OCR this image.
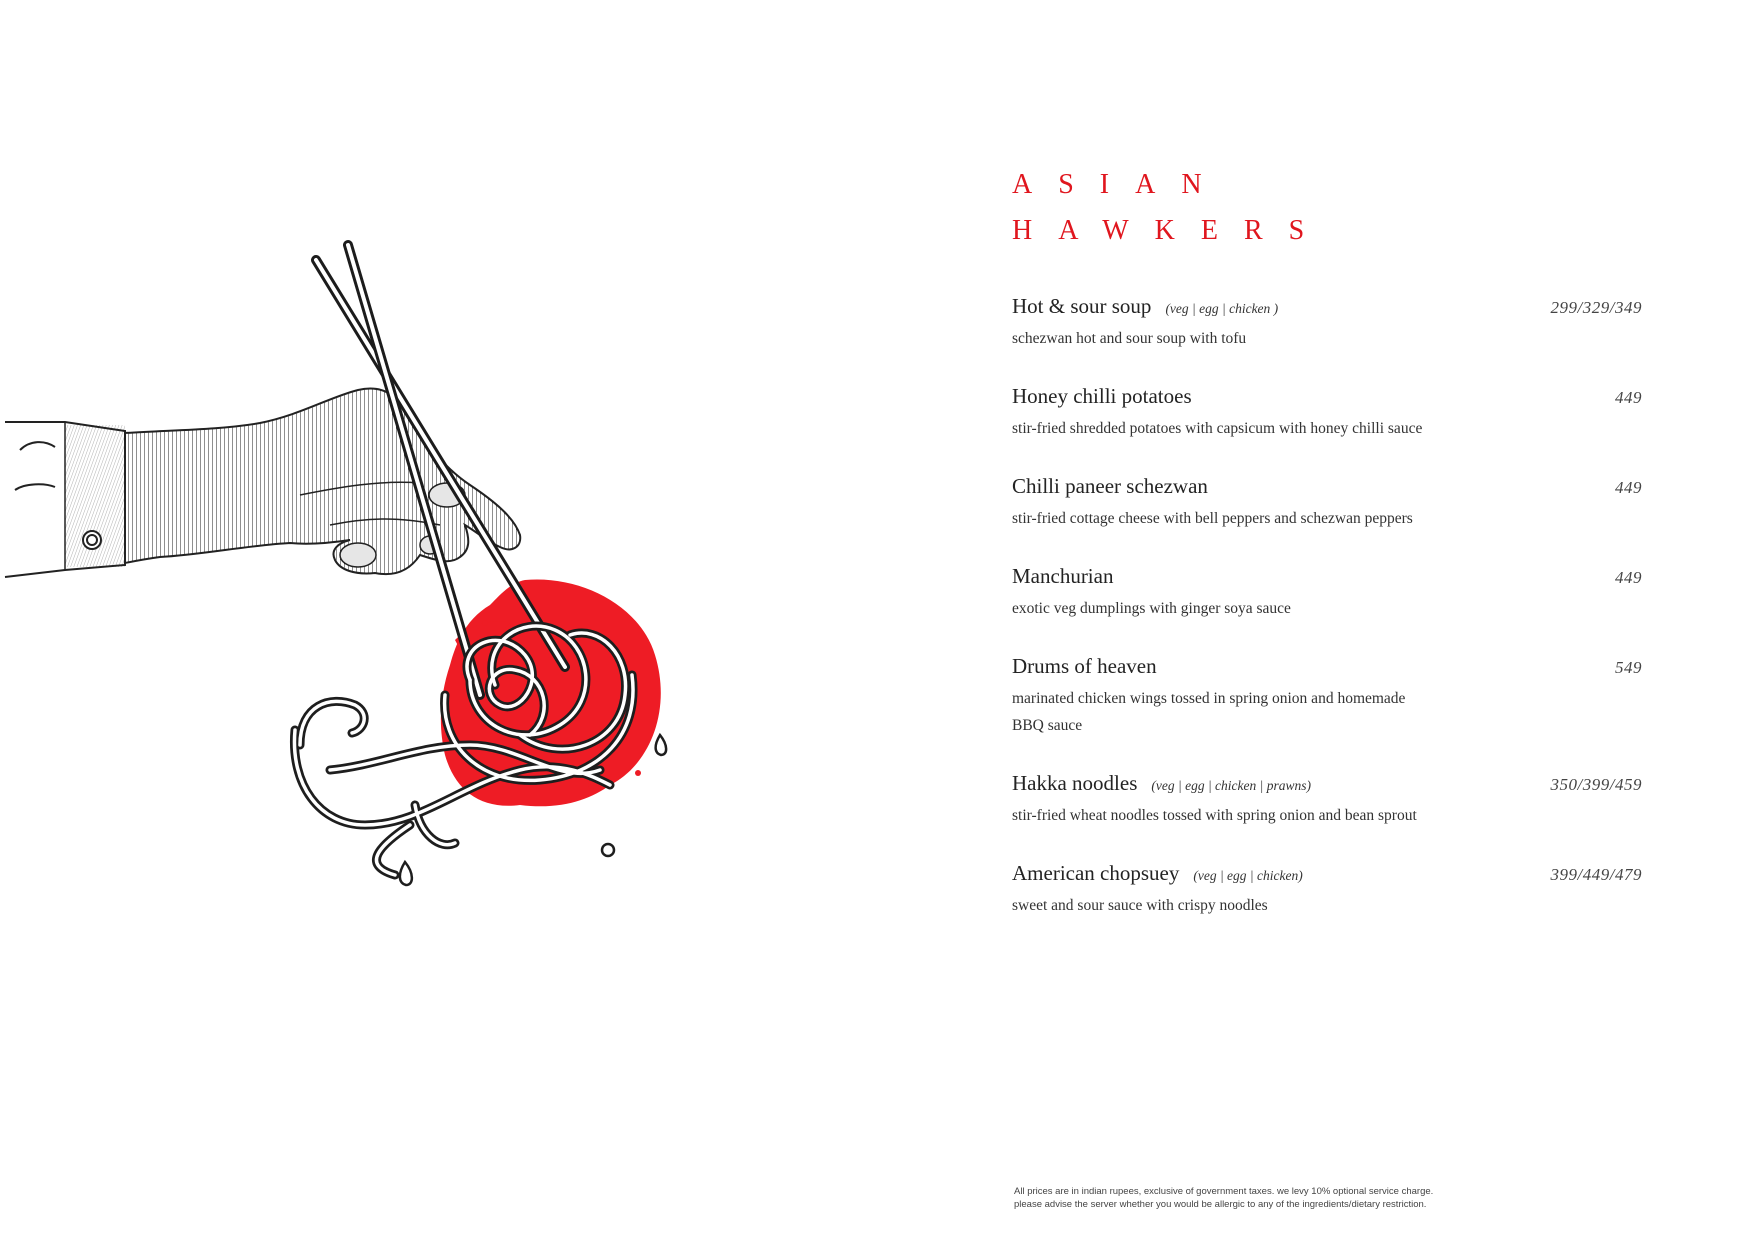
ASIAN
HAWKERS
Hot & sour soup (veg | egg | chicken )	299/329/349
schezwan hot and sour soup with tofu
Honey chilli potatoes	449
stir-fried shredded potatoes with capsicum with honey chilli sauce
Chilli paneer schezwan	449
stir-fried cottage cheese with bell peppers and schezwan peppers
Manchurian	449
exotic veg dumplings with ginger soya sauce
Drums of heaven	549
marinated chicken wings tossed in spring onion and homemade BBQ sauce
Hakka noodles (veg | egg | chicken | prawns)	350/399/459
stir-fried wheat noodles tossed with spring onion and bean sprout
American chopsuey (veg | egg | chicken)	399/449/479
sweet and sour sauce with crispy noodles
All prices are in indian rupees, exclusive of government taxes. we levy 10% optional service charge.
please advise the server whether you would be allergic to any of the ingredients/dietary restriction.
